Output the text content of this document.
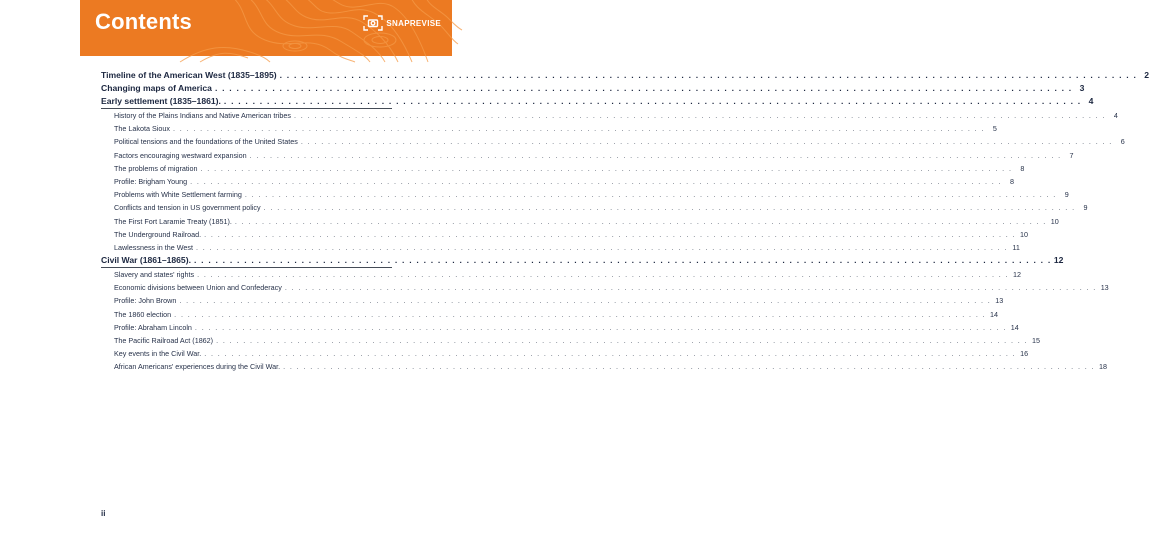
Contents	SNAPREVISE
Timeline of the American West (1835–1895) . . . . . . . . . . . . . . . . . . . . . . . . . . . . . . . . . . . . . . . . . . . . . . . . . . . . . . . . . . . . . . . . . . . . . . . . . . . . . . . . . . . . . . . . . . . . . . . . . . . . . . . . . . . . . . . . . . . . . . . . 2
Changing maps of America . . . . . . . . . . . . . . . . . . . . . . . . . . . . . . . . . . . . . . . . . . . . . . . . . . . . . . . . . . . . . . . . . . . . . . . . . . . . . . . . . . . . . . . . . . . . . . . . . . . . . . . . . . . . . . . . . . . . . . . . 3
Early settlement (1835–1861). . . . . . . . . . . . . . . . . . . . . . . . . . . . . . . . . . . . . . . . . . . . . . . . . . . . . . . . . . . . . . . . . . . . . . . . . . . . . . . . . . . . . . . . . . . . . . . . . . . . . . . . . . . . . . . . . . . . . . . . . 4
History of the Plains Indians and Native American tribes . . . . . . . . . . . . . . . . . . . . . . . . . . . . . . . . . . . . . . . . . . . . . . . . . . . . . . . . . . . . . . . . . . . . . . . . . . . . . . . . . . . . . . . . . . . . . . . . . . . . . . . . . . . . . . . . . . . . . . . .	4
The Lakota Sioux . . . . . . . . . . . . . . . . . . . . . . . . . . . . . . . . . . . . . . . . . . . . . . . . . . . . . . . . . . . . . . . . . . . . . . . . . . . . . . . . . . . . . . . . . . . . . . . . . . . . . . . . . . . . . . . . . . . . . . . .	5
Political tensions and the foundations of the United States . . . . . . . . . . . . . . . . . . . . . . . . . . . . . . . . . . . . . . . . . . . . . . . . . . . . . . . . . . . . . . . . . . . . . . . . . . . . . . . . . . . . . . . . . . . . . . . . . . . . . . . . . . . . . . . . . . . . . . . .	6
Factors encouraging westward expansion . . . . . . . . . . . . . . . . . . . . . . . . . . . . . . . . . . . . . . . . . . . . . . . . . . . . . . . . . . . . . . . . . . . . . . . . . . . . . . . . . . . . . . . . . . . . . . . . . . . . . . . . . . . . . . . . . . . . . . . .	7
The problems of migration . . . . . . . . . . . . . . . . . . . . . . . . . . . . . . . . . . . . . . . . . . . . . . . . . . . . . . . . . . . . . . . . . . . . . . . . . . . . . . . . . . . . . . . . . . . . . . . . . . . . . . . . . . . . . . . . . . . . . . . .	8
Profile: Brigham Young . . . . . . . . . . . . . . . . . . . . . . . . . . . . . . . . . . . . . . . . . . . . . . . . . . . . . . . . . . . . . . . . . . . . . . . . . . . . . . . . . . . . . . . . . . . . . . . . . . . . . . . . . . . . . . . . . . . . . . . .	8
Problems with White Settlement farming . . . . . . . . . . . . . . . . . . . . . . . . . . . . . . . . . . . . . . . . . . . . . . . . . . . . . . . . . . . . . . . . . . . . . . . . . . . . . . . . . . . . . . . . . . . . . . . . . . . . . . . . . . . . . . . . . . . . . . . .	9
Conflicts and tension in US government policy . . . . . . . . . . . . . . . . . . . . . . . . . . . . . . . . . . . . . . . . . . . . . . . . . . . . . . . . . . . . . . . . . . . . . . . . . . . . . . . . . . . . . . . . . . . . . . . . . . . . . . . . . . . . . . . . . . . . . . . .	9
The First Fort Laramie Treaty (1851). . . . . . . . . . . . . . . . . . . . . . . . . . . . . . . . . . . . . . . . . . . . . . . . . . . . . . . . . . . . . . . . . . . . . . . . . . . . . . . . . . . . . . . . . . . . . . . . . . . . . . . . . . . . . . . . . . . . . . . . . 10
The Underground Railroad. . . . . . . . . . . . . . . . . . . . . . . . . . . . . . . . . . . . . . . . . . . . . . . . . . . . . . . . . . . . . . . . . . . . . . . . . . . . . . . . . . . . . . . . . . . . . . . . . . . . . . . . . . . . . . . . . . . . . . . . . 10
Lawlessness in the West . . . . . . . . . . . . . . . . . . . . . . . . . . . . . . . . . . . . . . . . . . . . . . . . . . . . . . . . . . . . . . . . . . . . . . . . . . . . . . . . . . . . . . . . . . . . . . . . . . . . . . . . . . . . . . . . . . . . . . . . 11
Civil War (1861–1865). . . . . . . . . . . . . . . . . . . . . . . . . . . . . . . . . . . . . . . . . . . . . . . . . . . . . . . . . . . . . . . . . . . . . . . . . . . . . . . . . . . . . . . . . . . . . . . . . . . . . . . . . . . . . . . . . . . . . . . . . 12
Slavery and states' rights . . . . . . . . . . . . . . . . . . . . . . . . . . . . . . . . . . . . . . . . . . . . . . . . . . . . . . . . . . . . . . . . . . . . . . . . . . . . . . . . . . . . . . . . . . . . . . . . . . . . . . . . . . . . . . . . . . . . . . . . 12
Economic divisions between Union and Confederacy . . . . . . . . . . . . . . . . . . . . . . . . . . . . . . . . . . . . . . . . . . . . . . . . . . . . . . . . . . . . . . . . . . . . . . . . . . . . . . . . . . . . . . . . . . . . . . . . . . . . . . . . . . . . . . . . . . . . . . . . 13
Profile: John Brown . . . . . . . . . . . . . . . . . . . . . . . . . . . . . . . . . . . . . . . . . . . . . . . . . . . . . . . . . . . . . . . . . . . . . . . . . . . . . . . . . . . . . . . . . . . . . . . . . . . . . . . . . . . . . . . . . . . . . . . . 13
The 1860 election . . . . . . . . . . . . . . . . . . . . . . . . . . . . . . . . . . . . . . . . . . . . . . . . . . . . . . . . . . . . . . . . . . . . . . . . . . . . . . . . . . . . . . . . . . . . . . . . . . . . . . . . . . . . . . . . . . . . . . . . 14
Profile: Abraham Lincoln . . . . . . . . . . . . . . . . . . . . . . . . . . . . . . . . . . . . . . . . . . . . . . . . . . . . . . . . . . . . . . . . . . . . . . . . . . . . . . . . . . . . . . . . . . . . . . . . . . . . . . . . . . . . . . . . . . . . . . . . 14
The Pacific Railroad Act (1862) . . . . . . . . . . . . . . . . . . . . . . . . . . . . . . . . . . . . . . . . . . . . . . . . . . . . . . . . . . . . . . . . . . . . . . . . . . . . . . . . . . . . . . . . . . . . . . . . . . . . . . . . . . . . . . . . . . . . . . . . 15
Key events in the Civil War. . . . . . . . . . . . . . . . . . . . . . . . . . . . . . . . . . . . . . . . . . . . . . . . . . . . . . . . . . . . . . . . . . . . . . . . . . . . . . . . . . . . . . . . . . . . . . . . . . . . . . . . . . . . . . . . . . . . . . . . . 16
African Americans' experiences during the Civil War. . . . . . . . . . . . . . . . . . . . . . . . . . . . . . . . . . . . . . . . . . . . . . . . . . . . . . . . . . . . . . . . . . . . . . . . . . . . . . . . . . . . . . . . . . . . . . . . . . . . . . . . . . . . . . . . . . . . . . . . . 18
ii
